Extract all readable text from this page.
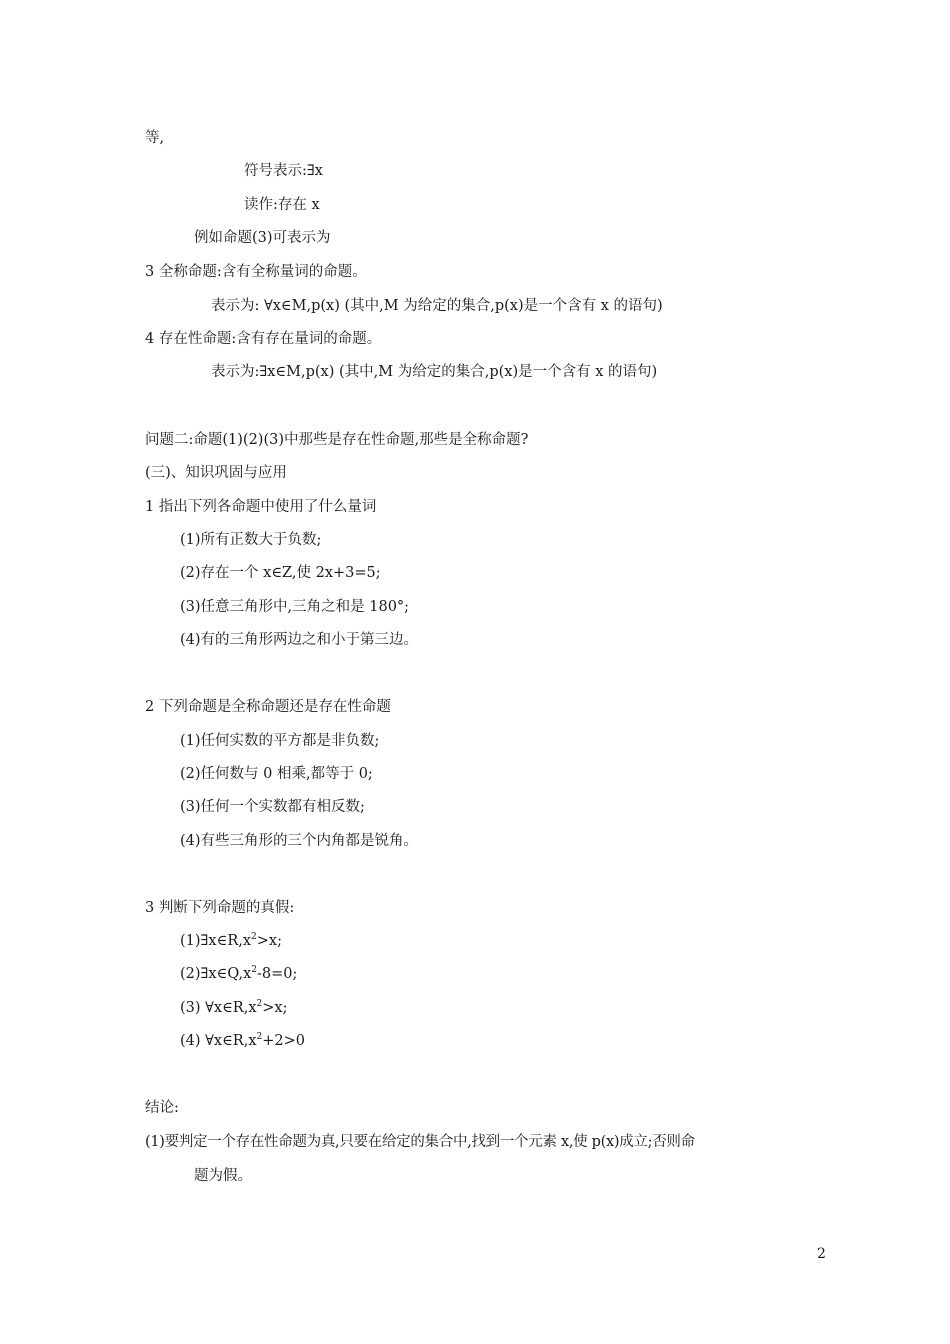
等,
符号表示:∃x
读作:存在 x
例如命题(3)可表示为
3 全称命题:含有全称量词的命题。
表示为: ∀x∈M,p(x) (其中,M 为给定的集合,p(x)是一个含有 x 的语句)
4 存在性命题:含有存在量词的命题。
表示为:∃x∈M,p(x) (其中,M 为给定的集合,p(x)是一个含有 x 的语句)
问题二:命题(1)(2)(3)中那些是存在性命题,那些是全称命题?
(三)、知识巩固与应用
1 指出下列各命题中使用了什么量词
(1)所有正数大于负数;
(2)存在一个 x∈Z,使 2x+3=5;
(3)任意三角形中,三角之和是 180°;
(4)有的三角形两边之和小于第三边。
2 下列命题是全称命题还是存在性命题
(1)任何实数的平方都是非负数;
(2)任何数与 0 相乘,都等于 0;
(3)任何一个实数都有相反数;
(4)有些三角形的三个内角都是锐角。
3 判断下列命题的真假:
$(1)\exists x\in R,x^2>x$;
$(2)\exists x\in Q,x^2-8=0$;
(3) $\forall x\in R,x^2>x$;
(4) $\forall x\in R,x^2+2>0$
结论:
(1)要判定一个存在性命题为真,只要在给定的集合中,找到一个元素 x,使 p(x)成立;否则命
题为假。
2
